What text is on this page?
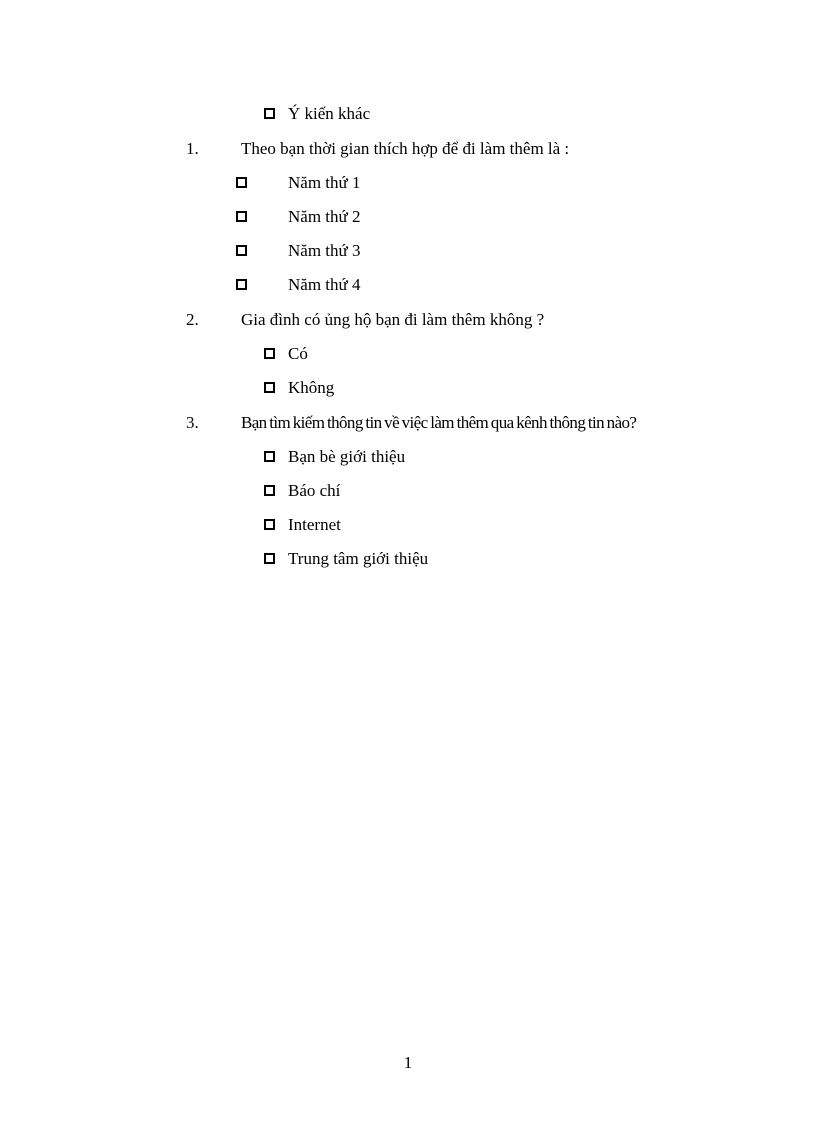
Ý kiến khác
1. Theo bạn thời gian thích hợp để đi làm thêm là :
Năm thứ 1
Năm thứ 2
Năm thứ 3
Năm thứ 4
2. Gia đình có ủng hộ bạn đi làm thêm không ?
Có
Không
3. Bạn tìm kiếm thông tin về việc làm thêm qua kênh thông tin nào?
Bạn bè giới thiệu
Báo chí
Internet
Trung tâm giới thiệu
1
